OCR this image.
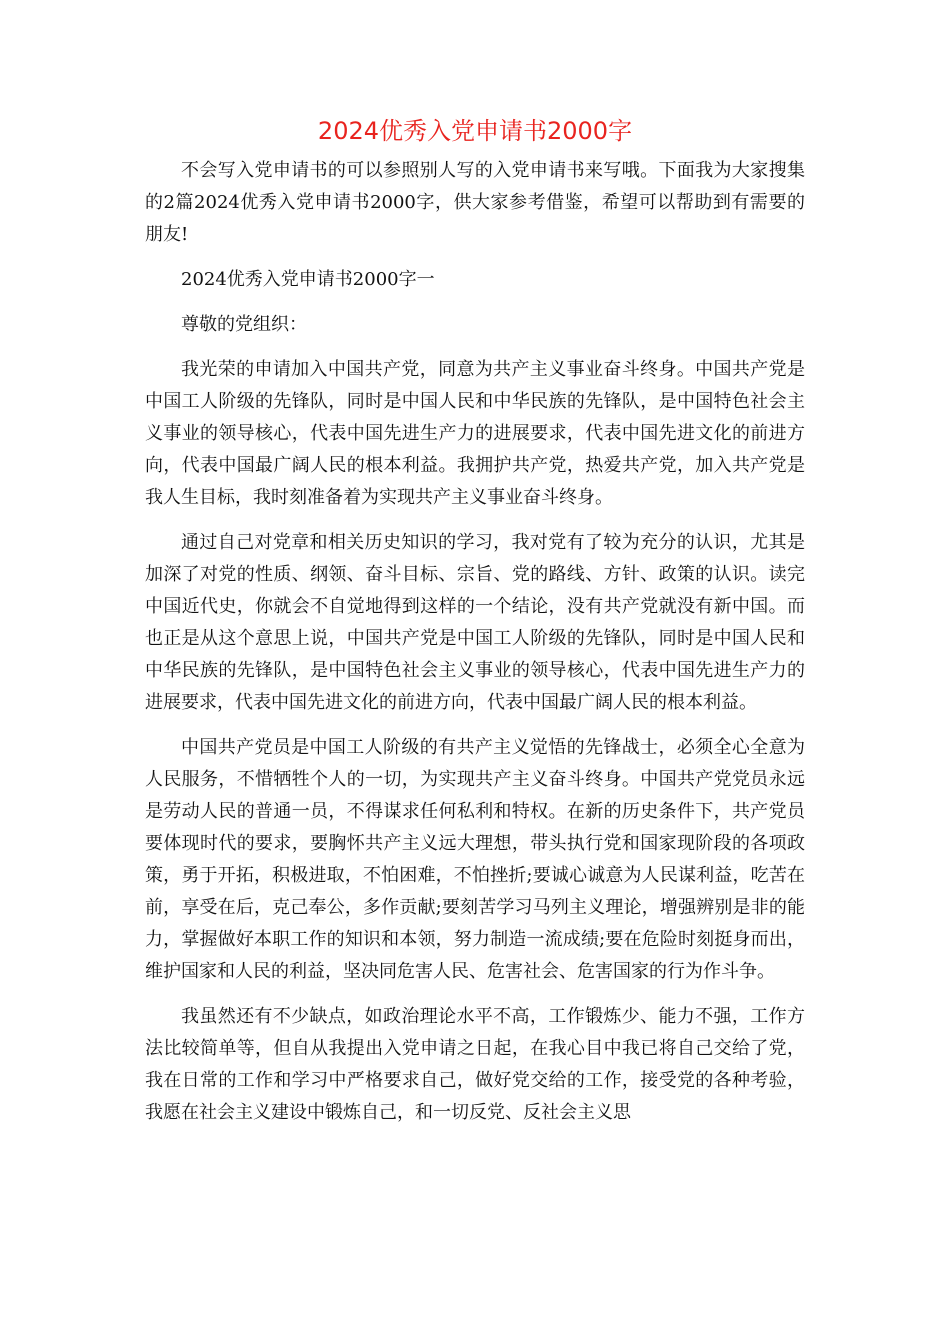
2024优秀入党申请书2000字

不会写入党申请书的可以参照别人写的入党申请书来写哦。下面我为大家搜集的2篇2024优秀入党申请书2000字，供大家参考借鉴，希望可以帮助到有需要的朋友!

2024优秀入党申请书2000字一

尊敬的党组织：

我光荣的申请加入中国共产党，同意为共产主义事业奋斗终身。中国共产党是中国工人阶级的先锋队，同时是中国人民和中华民族的先锋队，是中国特色社会主义事业的领导核心，代表中国先进生产力的进展要求，代表中国先进文化的前进方向，代表中国最广阔人民的根本利益。我拥护共产党，热爱共产党，加入共产党是我人生目标，我时刻准备着为实现共产主义事业奋斗终身。

通过自己对党章和相关历史知识的学习，我对党有了较为充分的认识，尤其是加深了对党的性质、纲领、奋斗目标、宗旨、党的路线、方针、政策的认识。读完中国近代史，你就会不自觉地得到这样的一个结论，没有共产党就没有新中国。而也正是从这个意思上说，中国共产党是中国工人阶级的先锋队，同时是中国人民和中华民族的先锋队，是中国特色社会主义事业的领导核心，代表中国先进生产力的进展要求，代表中国先进文化的前进方向，代表中国最广阔人民的根本利益。

中国共产党员是中国工人阶级的有共产主义觉悟的先锋战士，必须全心全意为人民服务，不惜牺牲个人的一切，为实现共产主义奋斗终身。中国共产党党员永远是劳动人民的普通一员，不得谋求任何私利和特权。在新的历史条件下，共产党员要体现时代的要求，要胸怀共产主义远大理想，带头执行党和国家现阶段的各项政策，勇于开拓，积极进取，不怕困难，不怕挫折;要诚心诚意为人民谋利益，吃苦在前，享受在后，克己奉公，多作贡献;要刻苦学习马列主义理论，增强辨别是非的能力，掌握做好本职工作的知识和本领，努力制造一流成绩;要在危险时刻挺身而出，维护国家和人民的利益，坚决同危害人民、危害社会、危害国家的行为作斗争。

我虽然还有不少缺点，如政治理论水平不高，工作锻炼少、能力不强，工作方法比较简单等，但自从我提出入党申请之日起，在我心目中我已将自己交给了党，我在日常的工作和学习中严格要求自己，做好党交给的工作，接受党的各种考验，我愿在社会主义建设中锻炼自己，和一切反党、反社会主义思
